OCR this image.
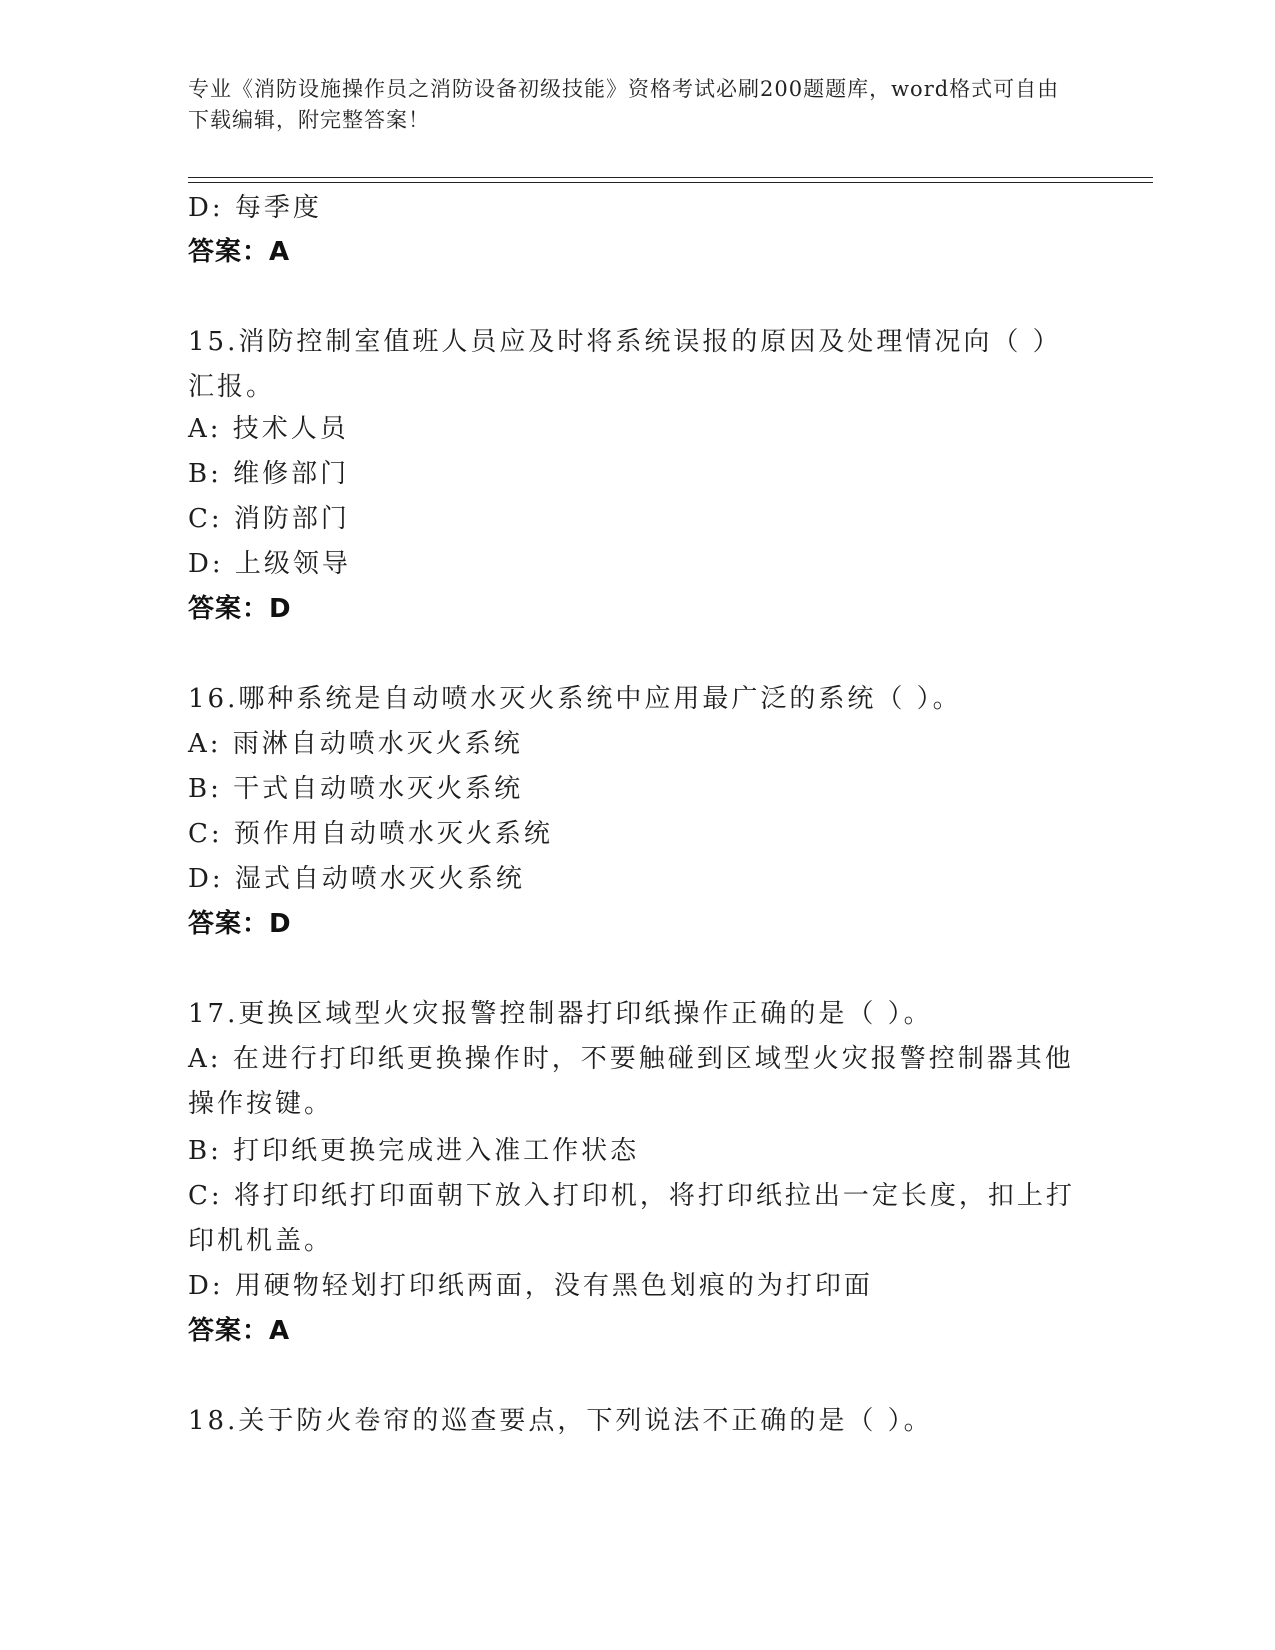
专业《消防设施操作员之消防设备初级技能》资格考试必刷200题题库，word格式可自由下载编辑，附完整答案！
D: 每季度
答案：A
15.消防控制室值班人员应及时将系统误报的原因及处理情况向（ ）汇报。
A: 技术人员
B: 维修部门
C: 消防部门
D: 上级领导
答案：D
16.哪种系统是自动喷水灭火系统中应用最广泛的系统（ ）。
A: 雨淋自动喷水灭火系统
B: 干式自动喷水灭火系统
C: 预作用自动喷水灭火系统
D: 湿式自动喷水灭火系统
答案：D
17.更换区域型火灾报警控制器打印纸操作正确的是（ ）。
A: 在进行打印纸更换操作时，不要触碰到区域型火灾报警控制器其他操作按键。
B: 打印纸更换完成进入准工作状态
C: 将打印纸打印面朝下放入打印机，将打印纸拉出一定长度，扣上打印机机盖。
D: 用硬物轻划打印纸两面，没有黑色划痕的为打印面
答案：A
18.关于防火卷帘的巡查要点，下列说法不正确的是（ ）。
